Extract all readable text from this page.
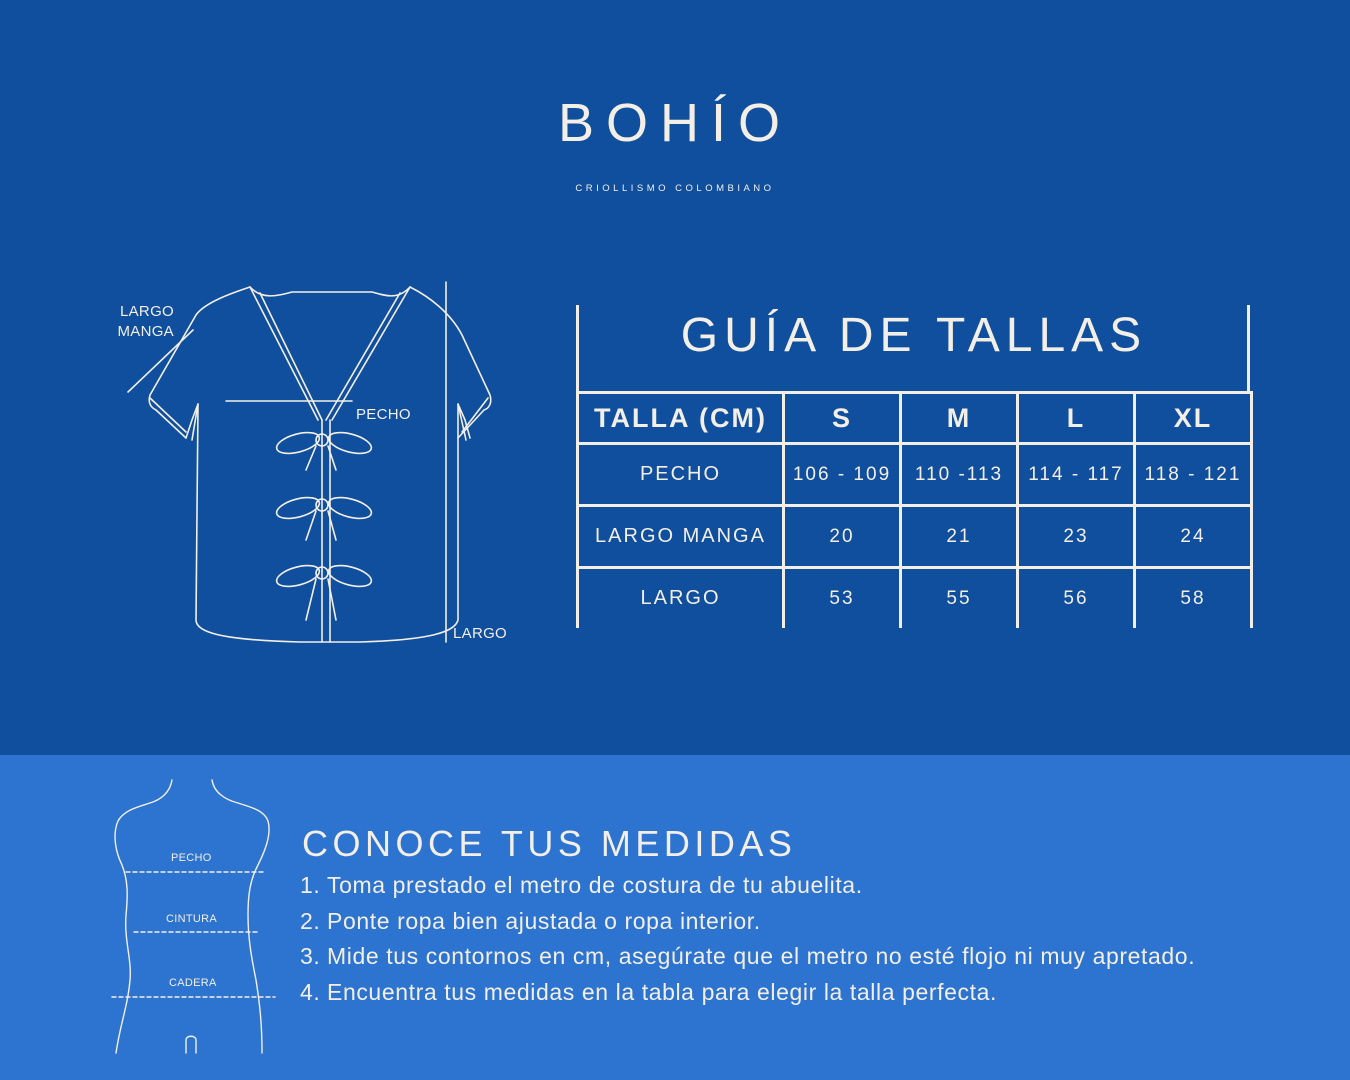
BOHÍO
CRIOLLISMO COLOMBIANO
LARGO
MANGA
PECHO
LARGO
GUÍA DE TALLAS
TALLA (CM)	S	M	L	XL
PECHO	106 - 109	110 -113	114 - 117	118 - 121
LARGO MANGA	20	21	23	24
LARGO	53	55	56	58
PECHO
CINTURA
CADERA
CONOCE TUS MEDIDAS
1. Toma prestado el metro de costura de tu abuelita.
2. Ponte ropa bien ajustada o ropa interior.
3. Mide tus contornos en cm, asegúrate que el metro no esté flojo ni muy apretado.
4. Encuentra tus medidas en la tabla para elegir la talla perfecta.
